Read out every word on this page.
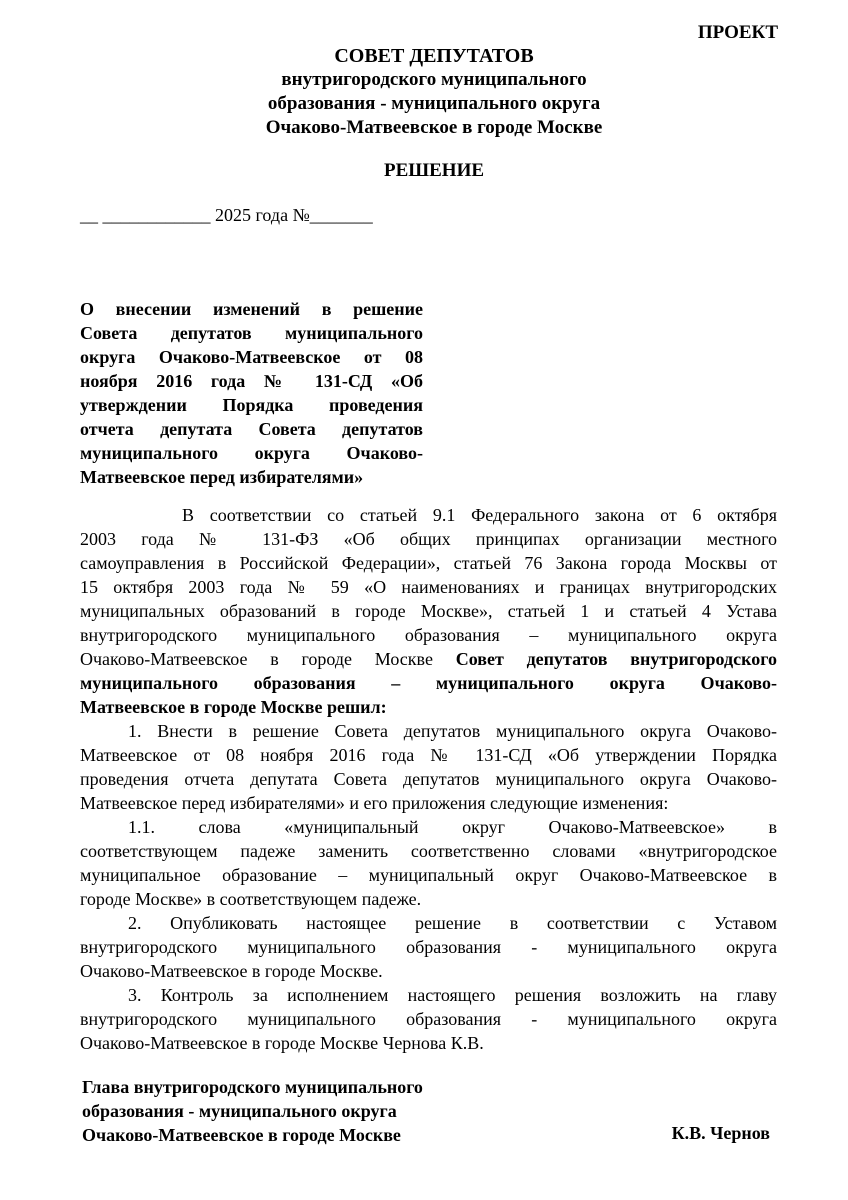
ПРОЕКТ
СОВЕТ ДЕПУТАТОВ
внутригородского муниципального
образования - муниципального округа
Очаково-Матвеевское в городе Москве
РЕШЕНИЕ
__ ____________ 2025 года №_______
О внесении изменений в решение
Совета депутатов муниципального
округа Очаково-Матвеевское от 08
ноября 2016 года № 131-СД «Об
утверждении Порядка проведения
отчета депутата Совета депутатов
муниципального округа Очаково-
Матвеевское перед избирателями»

В соответствии со статьей 9.1 Федерального закона от 6 октября
2003 года № 131-ФЗ «Об общих принципах организации местного
самоуправления в Российской Федерации», статьей 76 Закона города Москвы от
15 октября 2003 года № 59 «О наименованиях и границах внутригородских
муниципальных образований в городе Москве», статьей 1 и статьей 4 Устава
внутригородского муниципального образования – муниципального округа
Очаково-Матвеевское в городе Москве Совет депутатов внутригородского
муниципального образования – муниципального округа Очаково-
Матвеевское в городе Москве решил:

1. Внести в решение Совета депутатов муниципального округа Очаково-
Матвеевское от 08 ноября 2016 года № 131-СД «Об утверждении Порядка
проведения отчета депутата Совета депутатов муниципального округа Очаково-
Матвеевское перед избирателями» и его приложения следующие изменения:

1.1. слова «муниципальный округ Очаково-Матвеевское» в
соответствующем падеже заменить соответственно словами «внутригородское
муниципальное образование – муниципальный округ Очаково-Матвеевское в
городе Москве» в соответствующем падеже.

2. Опубликовать настоящее решение в соответствии с Уставом
внутригородского муниципального образования - муниципального округа
Очаково-Матвеевское в городе Москве.

3. Контроль за исполнением настоящего решения возложить на главу
внутригородского муниципального образования - муниципального округа
Очаково-Матвеевское в городе Москве Чернова К.В.

Глава внутригородского муниципального
образования - муниципального округа
Очаково-Матвеевское в городе Москве	К.В. Чернов
